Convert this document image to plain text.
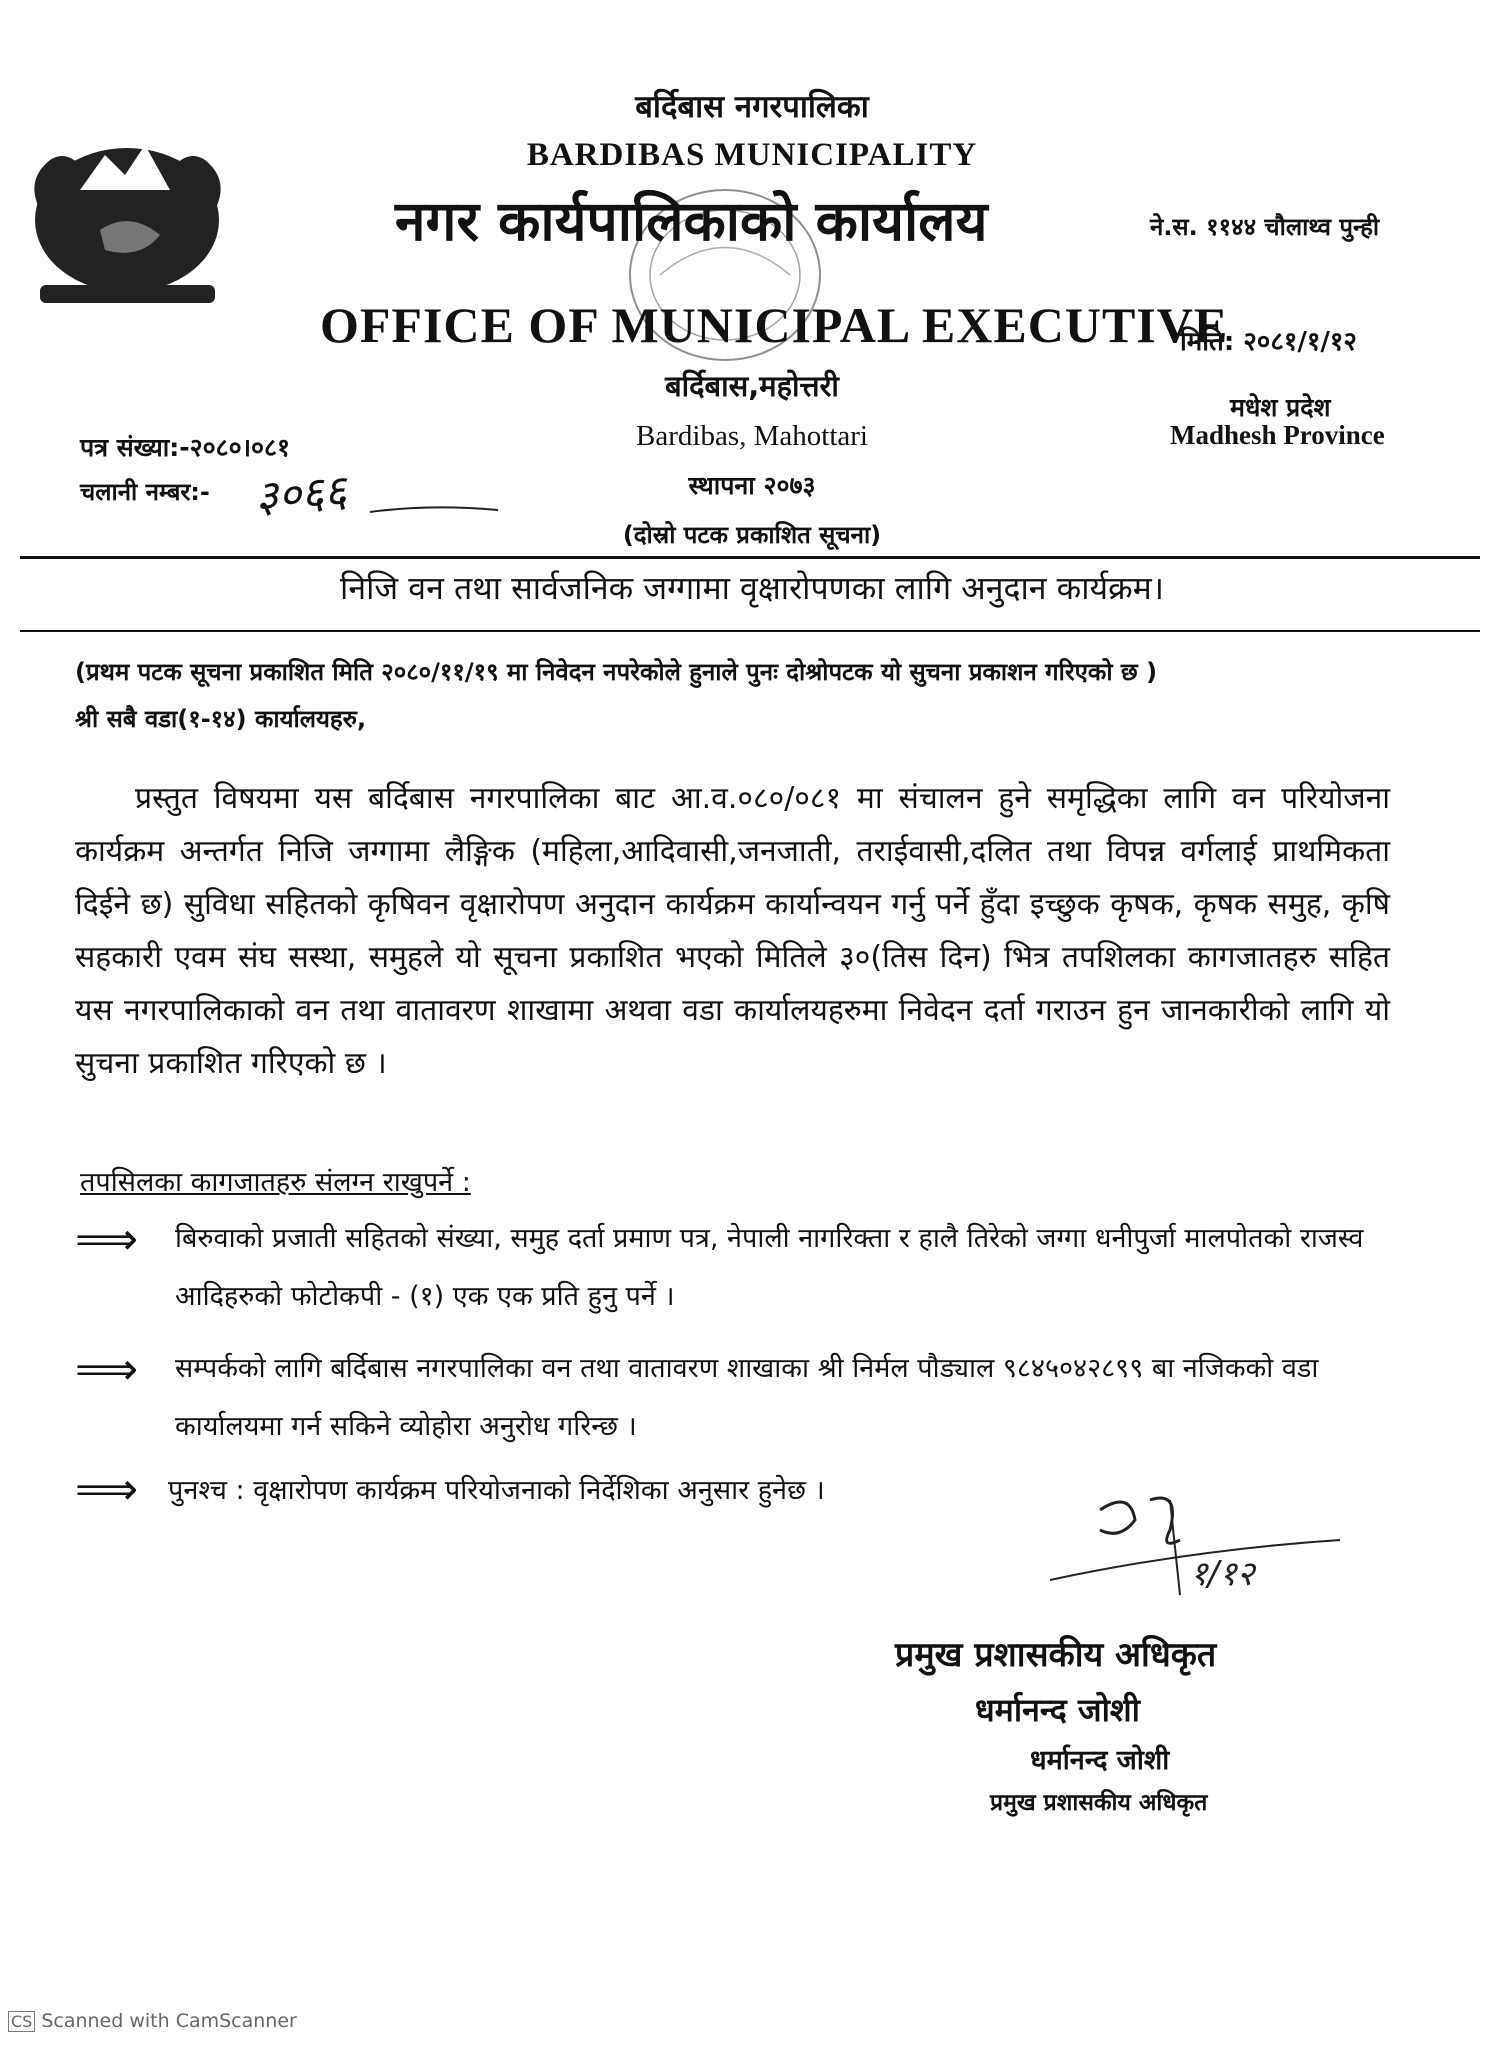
बर्दिबास नगरपालिका
BARDIBAS MUNICIPALITY
नगर कार्यपालिकाको कार्यालय
OFFICE OF MUNICIPAL EXECUTIVE
बर्दिबास,महोत्तरी
Bardibas, Mahottari
स्थापना २०७३
(दोस्रो पटक प्रकाशित सूचना)
ने.स. ११४४ चौलाथ्व पुन्ही
मिति: २०८१/१/१२
मधेश प्रदेश
Madhesh Province
पत्र संख्या:-२०८०।०८१
चलानी नम्बर:- ३०६६
निजि वन तथा सार्वजनिक जग्गामा वृक्षारोपणका लागि अनुदान कार्यक्रम।
(प्रथम पटक सूचना प्रकाशित मिति २०८०/११/१९ मा निवेदन नपरेकोले हुनाले पुनः दोश्रोपटक यो सुचना प्रकाशन गरिएको छ )
श्री सबै वडा(१-१४) कार्यालयहरु,
प्रस्तुत विषयमा यस बर्दिबास नगरपालिका बाट आ.व.०८०/०८१ मा संचालन हुने समृद्धिका लागि वन परियोजना कार्यक्रम अन्तर्गत निजि जग्गामा लैङ्गिक (महिला,आदिवासी,जनजाती, तराईवासी,दलित तथा विपन्न वर्गलाई प्राथमिकता दिईने छ) सुविधा सहितको कृषिवन वृक्षारोपण अनुदान कार्यक्रम कार्यान्वयन गर्नु पर्ने हुँदा इच्छुक कृषक, कृषक समुह, कृषि सहकारी एवम संघ सस्था, समुहले यो सूचना प्रकाशित भएको मितिले ३०(तिस दिन) भित्र तपशिलका कागजातहरु सहित यस नगरपालिकाको वन तथा वातावरण शाखामा अथवा वडा कार्यालयहरुमा निवेदन दर्ता गराउन हुन जानकारीको लागि यो सुचना प्रकाशित गरिएको छ ।
तपसिलका कागजातहरु संलग्न राखुपर्ने :
⟹ बिरुवाको प्रजाती सहितको संख्या, समुह दर्ता प्रमाण पत्र, नेपाली नागरिक्ता र हालै तिरेको जग्गा धनीपुर्जा मालपोतको राजस्व आदिहरुको फोटोकपी - (१) एक एक प्रति हुनु पर्ने ।
⟹ सम्पर्कको लागि बर्दिबास नगरपालिका वन तथा वातावरण शाखाका श्री निर्मल पौड्याल ९८४५०४२८९९ बा नजिकको वडा कार्यालयमा गर्न सकिने व्योहोरा अनुरोध गरिन्छ ।
⟹ पुनश्च : वृक्षारोपण कार्यक्रम परियोजनाको निर्देशिका अनुसार हुनेछ ।
१/१२
प्रमुख प्रशासकीय अधिकृत
धर्मानन्द जोशी
धर्मानन्द जोशी
प्रमुख प्रशासकीय अधिकृत
CS Scanned with CamScanner
